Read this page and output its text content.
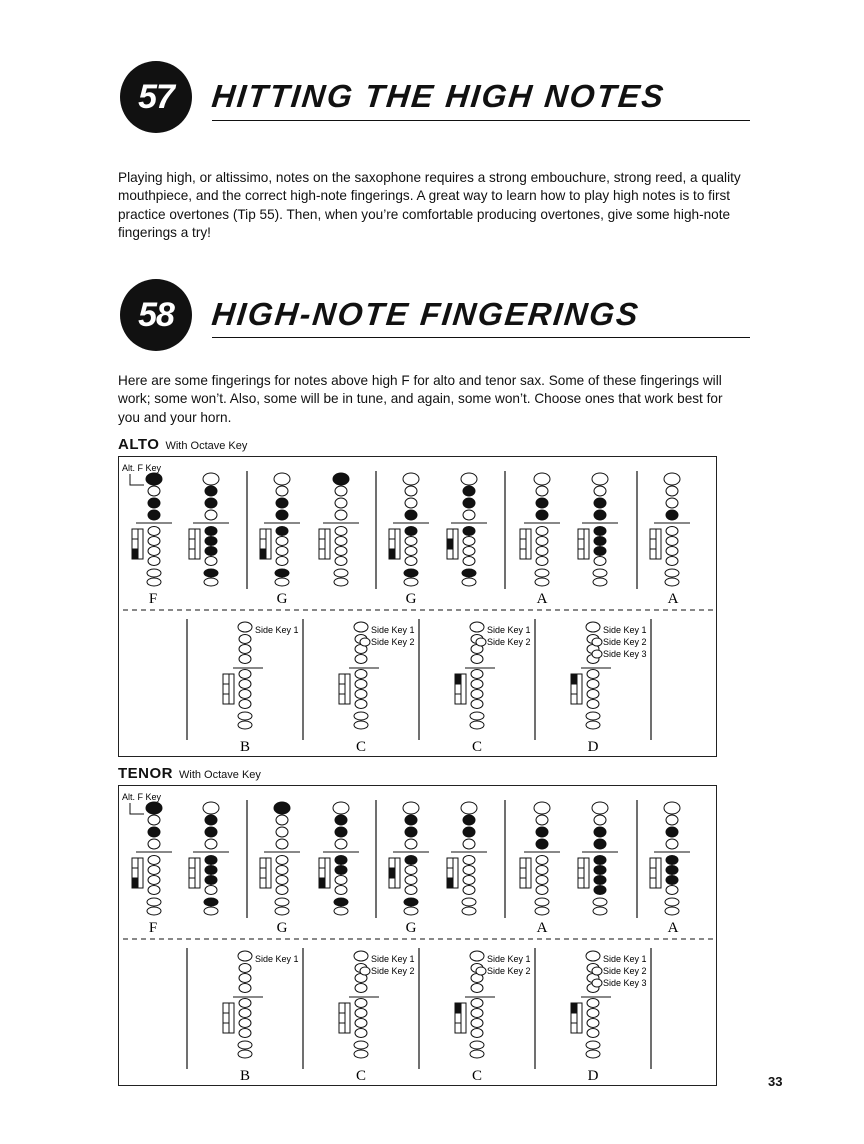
57 HITTING THE HIGH NOTES
Playing high, or altissimo, notes on the saxophone requires a strong embouchure, strong reed, a quality mouthpiece, and the correct high-note fingerings. A great way to learn how to play high notes is to first practice overtones (Tip 55). Then, when you’re comfortable producing overtones, give some high-note fingerings a try!
58 HIGH-NOTE FINGERINGS
Here are some fingerings for notes above high F for alto and tenor sax. Some of these fingerings will work; some won’t. Also, some will be in tune, and again, some won’t. Choose ones that work best for you and your horn.
ALTO With Octave Key
Alt. F Key
F	G	G	A	A
Side Key 1	Side Key 1
Side Key 2
Side Key 1
Side Key 2
Side Key 1
Side Key 2
Side Key 3
B	C	C	D
TENOR With Octave Key
Alt. F Key
F	G	G	A	A
Side Key 1	Side Key 1
Side Key 2
Side Key 1
Side Key 2
Side Key 1
Side Key 2
Side Key 3
B	C	C	D	33
